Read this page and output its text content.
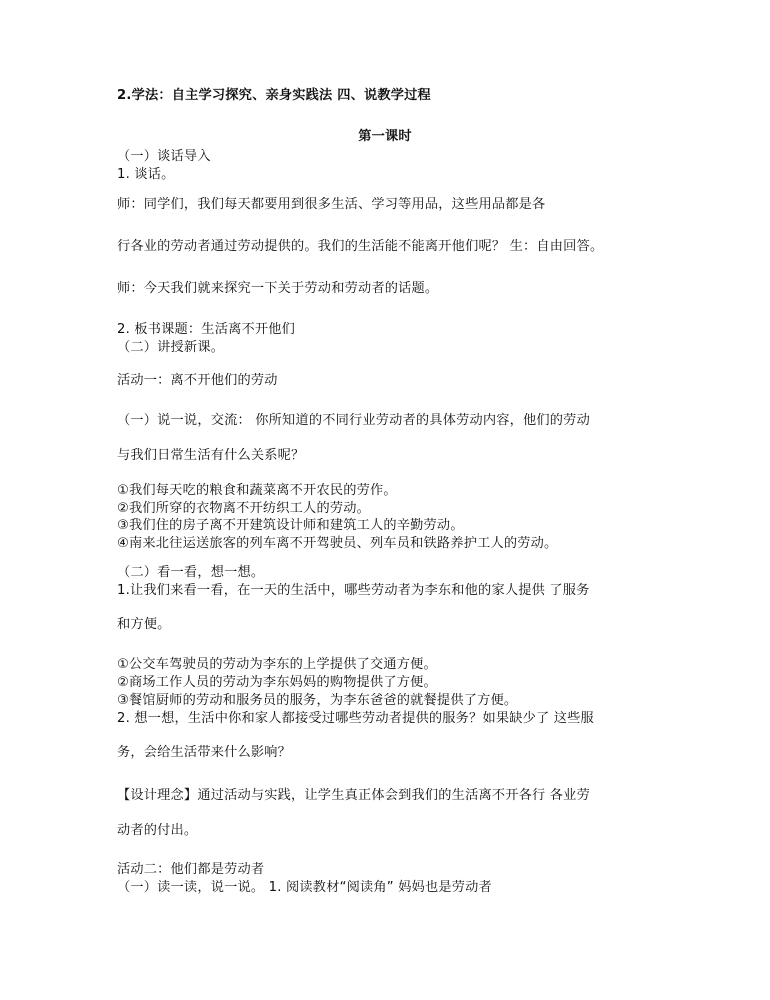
2.学法：自主学习探究、亲身实践法 四、说教学过程
第一课时
（一）谈话导入
1. 谈话。
师：同学们，我们每天都要用到很多生活、学习等用品，这些用品都是各
行各业的劳动者通过劳动提供的。我们的生活能不能离开他们呢？ 生：自由回答。
师：今天我们就来探究一下关于劳动和劳动者的话题。
2. 板书课题：生活离不开他们
（二）讲授新课。
活动一：离不开他们的劳动
（一）说一说，交流： 你所知道的不同行业劳动者的具体劳动内容，他们的劳动
与我们日常生活有什么关系呢？
①我们每天吃的粮食和蔬菜离不开农民的劳作。
②我们所穿的衣物离不开纺织工人的劳动。
③我们住的房子离不开建筑设计师和建筑工人的辛勤劳动。
④南来北往运送旅客的列车离不开驾驶员、列车员和铁路养护工人的劳动。
（二）看一看，想一想。
1.让我们来看一看，在一天的生活中，哪些劳动者为李东和他的家人提供 了服务
和方便。
①公交车驾驶员的劳动为李东的上学提供了交通方便。
②商场工作人员的劳动为李东妈妈的购物提供了方便。
③餐馆厨师的劳动和服务员的服务，为李东爸爸的就餐提供了方便。
2. 想一想，生活中你和家人都接受过哪些劳动者提供的服务？如果缺少了 这些服
务，会给生活带来什么影响？
【设计理念】通过活动与实践，让学生真正体会到我们的生活离不开各行 各业劳
动者的付出。
活动二：他们都是劳动者
（一）读一读，说一说。 1. 阅读教材“阅读角” 妈妈也是劳动者
